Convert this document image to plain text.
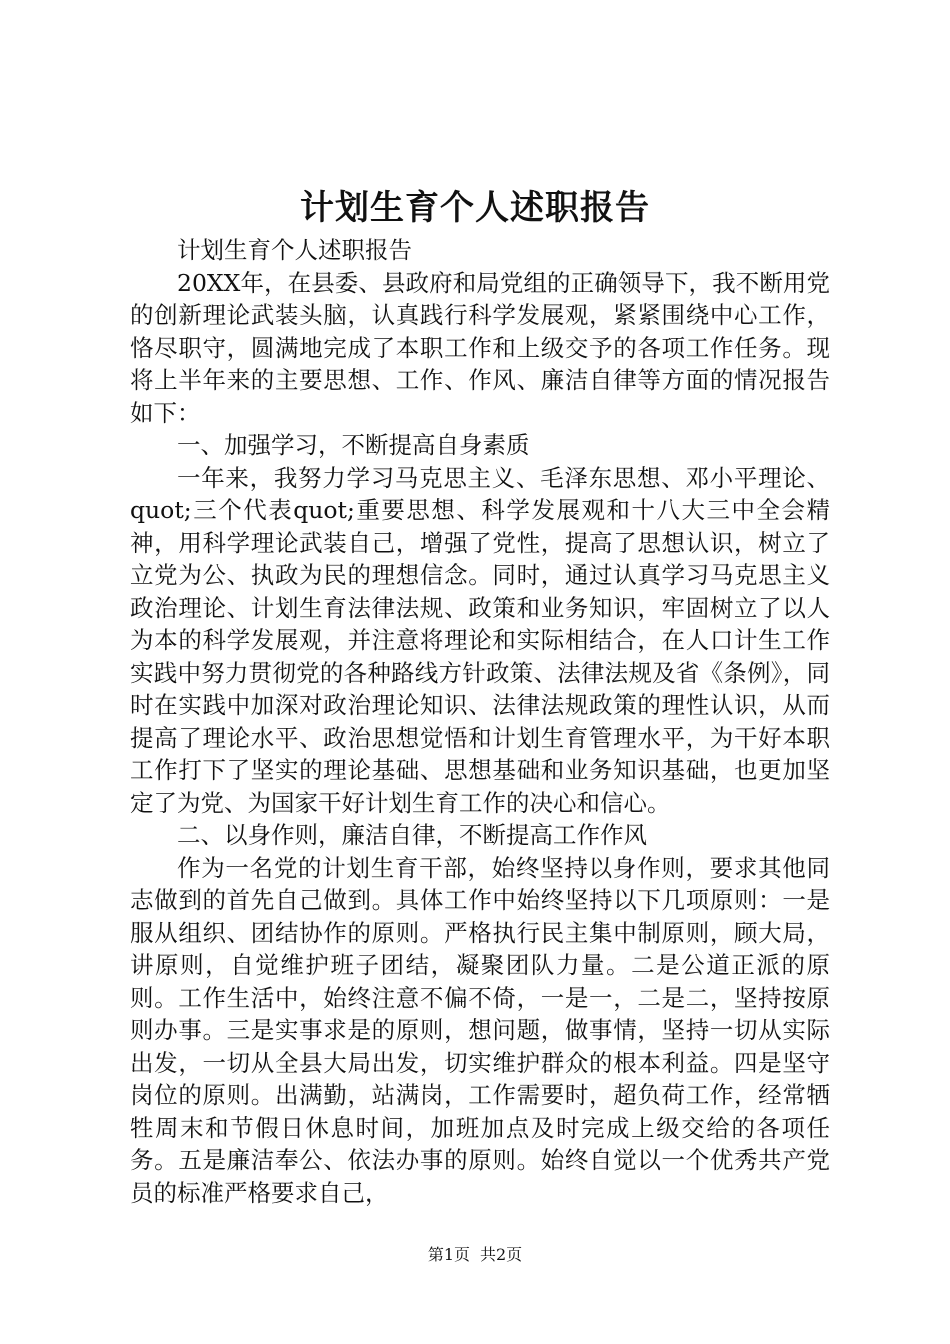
计划生育个人述职报告

计划生育个人述职报告

20XX年，在县委、县政府和局党组的正确领导下，我不断用党的创新理论武装头脑，认真践行科学发展观，紧紧围绕中心工作，恪尽职守，圆满地完成了本职工作和上级交予的各项工作任务。现将上半年来的主要思想、工作、作风、廉洁自律等方面的情况报告如下：

一、加强学习，不断提高自身素质

一年来，我努力学习马克思主义、毛泽东思想、邓小平理论、quot;三个代表quot;重要思想、科学发展观和十八大三中全会精神，用科学理论武装自己，增强了党性，提高了思想认识，树立了立党为公、执政为民的理想信念。同时，通过认真学习马克思主义政治理论、计划生育法律法规、政策和业务知识，牢固树立了以人为本的科学发展观，并注意将理论和实际相结合，在人口计生工作实践中努力贯彻党的各种路线方针政策、法律法规及省《条例》，同时在实践中加深对政治理论知识、法律法规政策的理性认识，从而提高了理论水平、政治思想觉悟和计划生育管理水平，为干好本职工作打下了坚实的理论基础、思想基础和业务知识基础，也更加坚定了为党、为国家干好计划生育工作的决心和信心。

二、以身作则，廉洁自律，不断提高工作作风

作为一名党的计划生育干部，始终坚持以身作则，要求其他同志做到的首先自己做到。具体工作中始终坚持以下几项原则：一是服从组织、团结协作的原则。严格执行民主集中制原则，顾大局，讲原则，自觉维护班子团结，凝聚团队力量。二是公道正派的原则。工作生活中，始终注意不偏不倚，一是一，二是二，坚持按原则办事。三是实事求是的原则，想问题，做事情，坚持一切从实际出发，一切从全县大局出发，切实维护群众的根本利益。四是坚守岗位的原则。出满勤，站满岗，工作需要时，超负荷工作，经常牺牲周末和节假日休息时间，加班加点及时完成上级交给的各项任务。五是廉洁奉公、依法办事的原则。始终自觉以一个优秀共产党员的标准严格要求自己，

第1页 共2页
